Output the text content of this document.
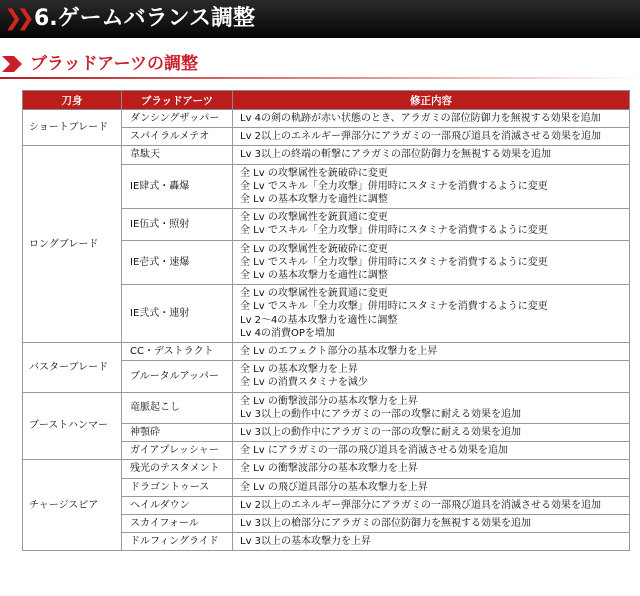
❯❯ 6.ゲームバランス調整
ブラッドアーツの調整
刀身	ブラッドアーツ	修正内容
ショートブレード	ダンシングザッパー	Lv 4の剣の軌跡が赤い状態のとき、アラガミの部位防御力を無視する効果を追加

	スパイラルメテオ	Lv 2以上のエネルギー弾部分にアラガミの一部飛び道具を消滅させる効果を追加

ロングブレード	韋駄天	Lv 3以上の終端の斬撃にアラガミの部位防御力を無視する効果を追加

	IE肆式・轟爆	全 Lv の攻撃属性を銃破砕に変更
全 Lv でスキル「全力攻撃」併用時にスタミナを消費するように変更
全 Lv の基本攻撃力を適性に調整

	IE伍式・照射	全 Lv の攻撃属性を銃貫通に変更
全 Lv でスキル「全力攻撃」併用時にスタミナを消費するように変更

	IE壱式・速爆	全 Lv の攻撃属性を銃破砕に変更
全 Lv でスキル「全力攻撃」併用時にスタミナを消費するように変更
全 Lv の基本攻撃力を適性に調整

	IE弐式・連射	全 Lv の攻撃属性を銃貫通に変更
全 Lv でスキル「全力攻撃」併用時にスタミナを消費するように変更
Lv 2～4の基本攻撃力を適性に調整
Lv 4の消費OPを増加

バスターブレード	CC・デストラクト	全 Lv のエフェクト部分の基本攻撃力を上昇

	ブルータルアッパー	全 Lv の基本攻撃力を上昇
全 Lv の消費スタミナを減少

ブーストハンマー	竜脈起こし	全 Lv の衝撃波部分の基本攻撃力を上昇
Lv 3以上の動作中にアラガミの一部の攻撃に耐える効果を追加

	神顎砕	Lv 3以上の動作中にアラガミの一部の攻撃に耐える効果を追加

	ガイアプレッシャー	全 Lv にアラガミの一部の飛び道具を消滅させる効果を追加

チャージスピア	残光のテスタメント	全 Lv の衝撃波部分の基本攻撃力を上昇

	ドラゴントゥース	全 Lv の飛び道具部分の基本攻撃力を上昇

	ヘイルダウン	Lv 2以上のエネルギー弾部分にアラガミの一部飛び道具を消滅させる効果を追加

	スカイフォール	Lv 3以上の槍部分にアラガミの部位防御力を無視する効果を追加

	ドルフィングライド	Lv 3以上の基本攻撃力を上昇
